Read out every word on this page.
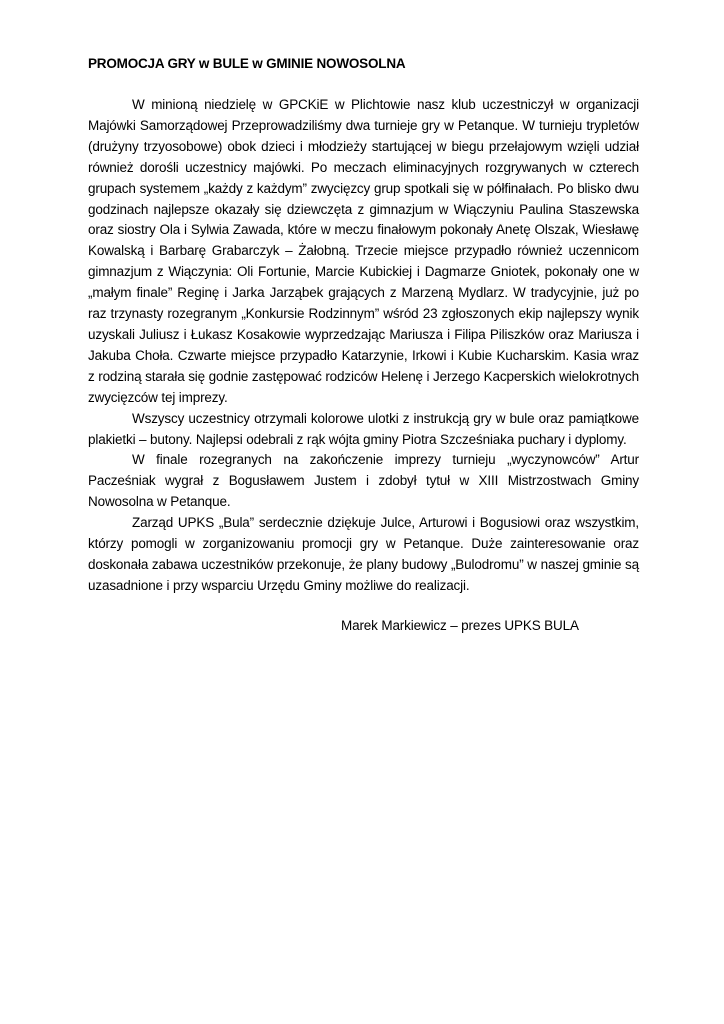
PROMOCJA GRY w BULE w GMINIE NOWOSOLNA

W minioną niedzielę w GPCKiE w Plichtowie nasz klub uczestniczył w organizacji Majówki Samorządowej Przeprowadziliśmy dwa turnieje gry w Petanque. W turnieju trypletów (drużyny trzyosobowe) obok dzieci i młodzieży startującej w biegu przełajowym wzięli udział również dorośli uczestnicy majówki. Po meczach eliminacyjnych rozgrywanych w czterech grupach systemem „każdy z każdym” zwycięzcy grup spotkali się w półfinałach. Po blisko dwu godzinach najlepsze okazały się dziewczęta z gimnazjum w Wiączyniu Paulina Staszewska oraz siostry Ola i Sylwia Zawada, które w meczu finałowym pokonały Anetę Olszak, Wiesławę Kowalską i Barbarę Grabarczyk – Żałobną. Trzecie miejsce przypadło również uczennicom gimnazjum z Wiączynia: Oli Fortunie, Marcie Kubickiej i Dagmarze Gniotek, pokonały one w „małym finale” Reginę i Jarka Jarząbek grających z Marzeną Mydlarz. W tradycyjnie, już po raz trzynasty rozegranym „Konkursie Rodzinnym” wśród 23 zgłoszonych ekip najlepszy wynik uzyskali Juliusz i Łukasz Kosakowie wyprzedzając Mariusza i Filipa Piliszków oraz Mariusza i Jakuba Choła. Czwarte miejsce przypadło Katarzynie, Irkowi i Kubie Kucharskim. Kasia wraz z rodziną starała się godnie zastępować rodziców Helenę i Jerzego Kacperskich wielokrotnych zwycięzców tej imprezy.

Wszyscy uczestnicy otrzymali kolorowe ulotki z instrukcją gry w bule oraz pamiątkowe plakietki – butony. Najlepsi odebrali z rąk wójta gminy Piotra Szcześniaka puchary i dyplomy.

W finale rozegranych na zakończenie imprezy turnieju „wyczynowców” Artur Pacześniak wygrał z Bogusławem Justem i zdobył tytuł w XIII Mistrzostwach Gminy Nowosolna w Petanque.

Zarząd UPKS „Bula” serdecznie dziękuje Julce, Arturowi i Bogusiowi oraz wszystkim, którzy pomogli w zorganizowaniu promocji gry w Petanque. Duże zainteresowanie oraz doskonała zabawa uczestników przekonuje, że plany budowy „Bulodromu” w naszej gminie są uzasadnione i przy wsparciu Urzędu Gminy możliwe do realizacji.

Marek Markiewicz – prezes UPKS BULA
